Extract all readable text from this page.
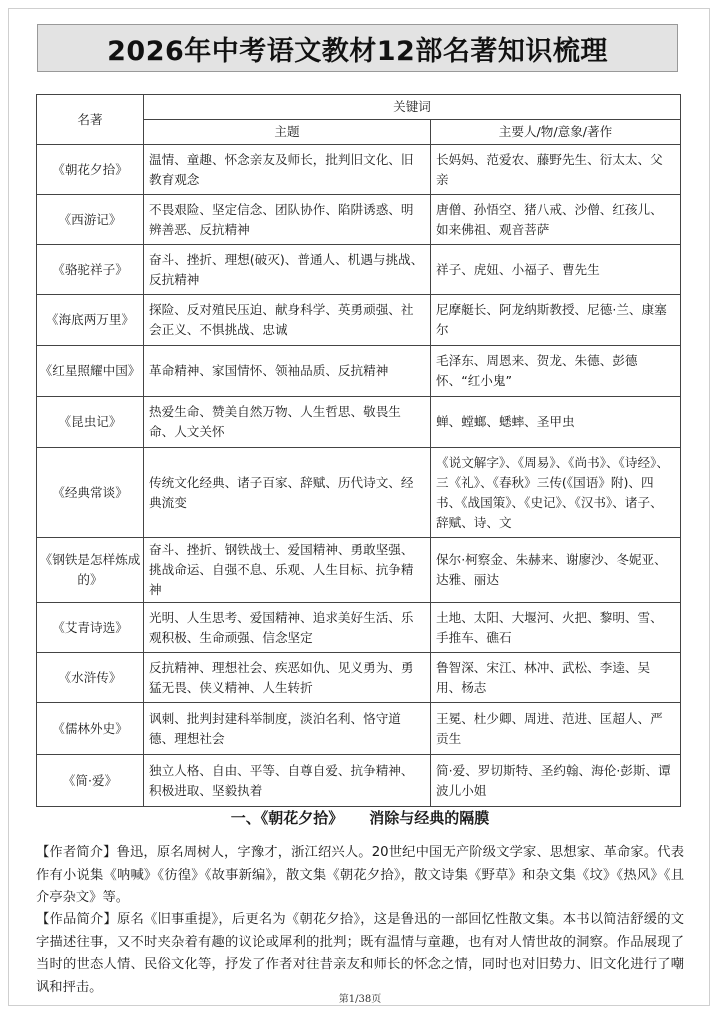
2026年中考语文教材12部名著知识梳理
名著	关键词	
	主题	主要人/物/意象/著作
《朝花夕拾》	温情、童趣、怀念亲友及师长，批判旧文化、旧教育观念	长妈妈、范爱农、藤野先生、衍太太、父亲
《西游记》	不畏艰险、坚定信念、团队协作、陷阱诱惑、明辨善恶、反抗精神	唐僧、孙悟空、猪八戒、沙僧、红孩儿、如来佛祖、观音菩萨
《骆驼祥子》	奋斗、挫折、理想(破灭)、普通人、机遇与挑战、反抗精神	祥子、虎妞、小福子、曹先生
《海底两万里》	探险、反对殖民压迫、献身科学、英勇顽强、社会正义、不惧挑战、忠诚	尼摩艇长、阿龙纳斯教授、尼德·兰、康塞尔
《红星照耀中国》	革命精神、家国情怀、领袖品质、反抗精神	毛泽东、周恩来、贺龙、朱德、彭德怀、“红小鬼”
《昆虫记》	热爱生命、赞美自然万物、人生哲思、敬畏生命、人文关怀	蝉、螳螂、蟋蟀、圣甲虫
《经典常谈》	传统文化经典、诸子百家、辞赋、历代诗文、经典流变	《说文解字》、《周易》、《尚书》、《诗经》、三《礼》、《春秋》三传(《国语》附)、四书、《战国策》、《史记》、《汉书》、诸子、辞赋、诗、文
《钢铁是怎样炼成的》	奋斗、挫折、钢铁战士、爱国精神、勇敢坚强、挑战命运、自强不息、乐观、人生目标、抗争精神	保尔·柯察金、朱赫来、谢廖沙、冬妮亚、达雅、丽达
《艾青诗选》	光明、人生思考、爱国精神、追求美好生活、乐观积极、生命顽强、信念坚定	土地、太阳、大堰河、火把、黎明、雪、手推车、礁石
《水浒传》	反抗精神、理想社会、疾恶如仇、见义勇为、勇猛无畏、侠义精神、人生转折	鲁智深、宋江、林冲、武松、李逵、吴用、杨志
《儒林外史》	讽刺、批判封建科举制度，淡泊名利、恪守道德、理想社会	王冕、杜少卿、周进、范进、匡超人、严贡生
《简·爱》	独立人格、自由、平等、自尊自爱、抗争精神、积极进取、坚毅执着	简·爱、罗切斯特、圣约翰、海伦·彭斯、谭波儿小姐
一、《朝花夕拾》 消除与经典的隔膜

【作者简介】鲁迅，原名周树人，字豫才，浙江绍兴人。20世纪中国无产阶级文学家、思想家、革命家。代表作有小说集《呐喊》《彷徨》《故事新编》，散文集《朝花夕拾》，散文诗集《野草》和杂文集《坟》《热风》《且介亭杂文》等。

【作品简介】原名《旧事重提》，后更名为《朝花夕拾》，这是鲁迅的一部回忆性散文集。本书以简洁舒缓的文字描述往事，又不时夹杂着有趣的议论或犀利的批判；既有温情与童趣，也有对人情世故的洞察。作品展现了当时的世态人情、民俗文化等，抒发了作者对往昔亲友和师长的怀念之情，同时也对旧势力、旧文化进行了嘲讽和抨击。

第1/38页
